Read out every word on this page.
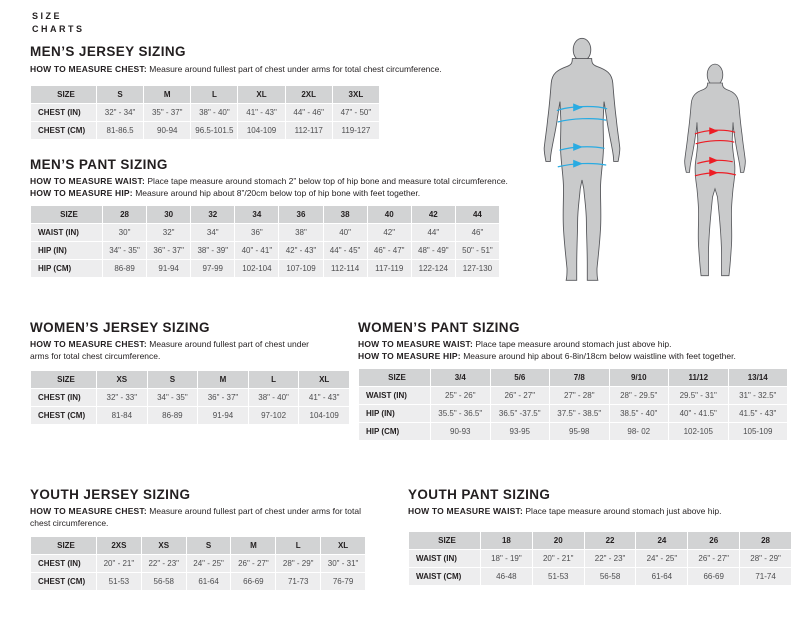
SIZE
CHARTS
MEN’S JERSEY SIZING
HOW TO MEASURE CHEST: Measure around fullest part of chest under arms for total chest circumference.
SIZE	S	M	L	XL	2XL	3XL
CHEST (IN)	32" - 34"	35" - 37"	38" - 40"	41" - 43"	44" - 46"	47" - 50"
CHEST (CM)	81-86.5	90-94	96.5-101.5	104-109	112-117	119-127
MEN’S PANT SIZING
HOW TO MEASURE WAIST: Place tape measure around stomach 2” below top of hip bone and measure total circumference.
HOW TO MEASURE HIP: Measure around hip about 8”/20cm below top of hip bone with feet together.
SIZE	28	30	32	34	36	38	40	42	44
WAIST (IN)	30"	32"	34"	36"	38"	40"	42"	44"	46"
HIP (IN)	34" - 35"	36" - 37"	38" - 39"	40" - 41"	42" - 43"	44" - 45"	46" - 47"	48" - 49"	50" - 51"
HIP (CM)	86-89	91-94	97-99	102-104	107-109	112-114	117-119	122-124	127-130
WOMEN’S JERSEY SIZING
HOW TO MEASURE CHEST: Measure around fullest part of chest under arms for total chest circumference.
SIZE	XS	S	M	L	XL
CHEST (IN)	32" - 33"	34" - 35"	36" - 37"	38" - 40"	41" - 43"
CHEST (CM)	81-84	86-89	91-94	97-102	104-109
WOMEN’S PANT SIZING
HOW TO MEASURE WAIST: Place tape measure around stomach just above hip.
HOW TO MEASURE HIP: Measure around hip about 6-8in/18cm below waistline with feet together.
SIZE	3/4	5/6	7/8	9/10	11/12	13/14
WAIST (IN)	25" - 26"	26" - 27"	27" - 28"	28" - 29.5"	29.5" - 31"	31" - 32.5"
HIP (IN)	35.5" - 36.5"	36.5" -37.5"	37.5" - 38.5"	38.5" - 40"	40" - 41.5"	41.5" - 43"
HIP (CM)	90-93	93-95	95-98	98- 02	102-105	105-109
YOUTH JERSEY SIZING
HOW TO MEASURE CHEST: Measure around fullest part of chest under arms for total chest circumference.
SIZE	2XS	XS	S	M	L	XL
CHEST (IN)	20" - 21"	22" - 23"	24" - 25"	26" - 27"	28" - 29"	30" - 31"
CHEST (CM)	51-53	56-58	61-64	66-69	71-73	76-79
YOUTH PANT SIZING
HOW TO MEASURE WAIST: Place tape measure around stomach just above hip.
SIZE	18	20	22	24	26	28
WAIST (IN)	18" - 19"	20" - 21"	22" - 23"	24" - 25"	26" - 27"	28" - 29"
WAIST (CM)	46-48	51-53	56-58	61-64	66-69	71-74
